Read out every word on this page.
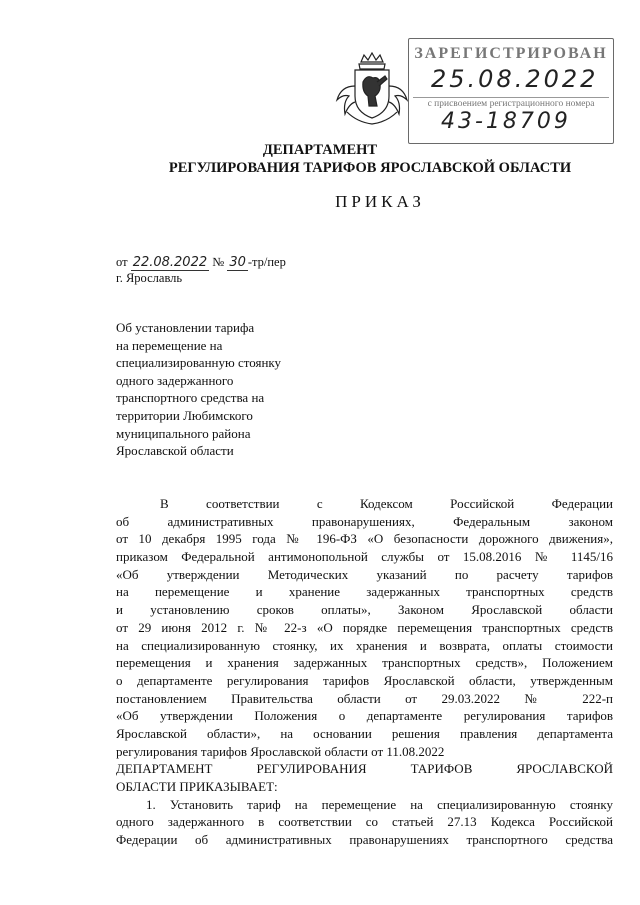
ЗАРЕГИСТРИРОВАН
25.08.2022
с присвоением регистрационного номера
43-18709
ДЕПАРТАМЕНТ
РЕГУЛИРОВАНИЯ ТАРИФОВ ЯРОСЛАВСКОЙ ОБЛАСТИ
ПРИКАЗ
от 22.08.2022 № 30 -тр/пер
г. Ярославль
Об установлении тарифа
на перемещение на
специализированную стоянку
одного задержанного
транспортного средства на
территории Любимского
муниципального района
Ярославской области
В соответствии с Кодексом Российской Федерации
об административных правонарушениях, Федеральным законом
от 10 декабря 1995 года № 196-ФЗ «О безопасности дорожного движения»,
приказом Федеральной антимонопольной службы от 15.08.2016 № 1145/16
«Об утверждении Методических указаний по расчету тарифов
на перемещение и хранение задержанных транспортных средств
и установлению сроков оплаты», Законом Ярославской области
от 29 июня 2012 г. № 22-з «О порядке перемещения транспортных средств
на специализированную стоянку, их хранения и возврата, оплаты стоимости
перемещения и хранения задержанных транспортных средств», Положением
о департаменте регулирования тарифов Ярославской области, утвержденным
постановлением Правительства области от 29.03.2022 № 222-п
«Об утверждении Положения о департаменте регулирования тарифов
Ярославской области», на основании решения правления департамента
регулирования тарифов Ярославской области от 11.08.2022
ДЕПАРТАМЕНТ РЕГУЛИРОВАНИЯ ТАРИФОВ ЯРОСЛАВСКОЙ
ОБЛАСТИ ПРИКАЗЫВАЕТ:
1. Установить тариф на перемещение на специализированную стоянку
одного задержанного в соответствии со статьей 27.13 Кодекса Российской
Федерации об административных правонарушениях транспортного средства
